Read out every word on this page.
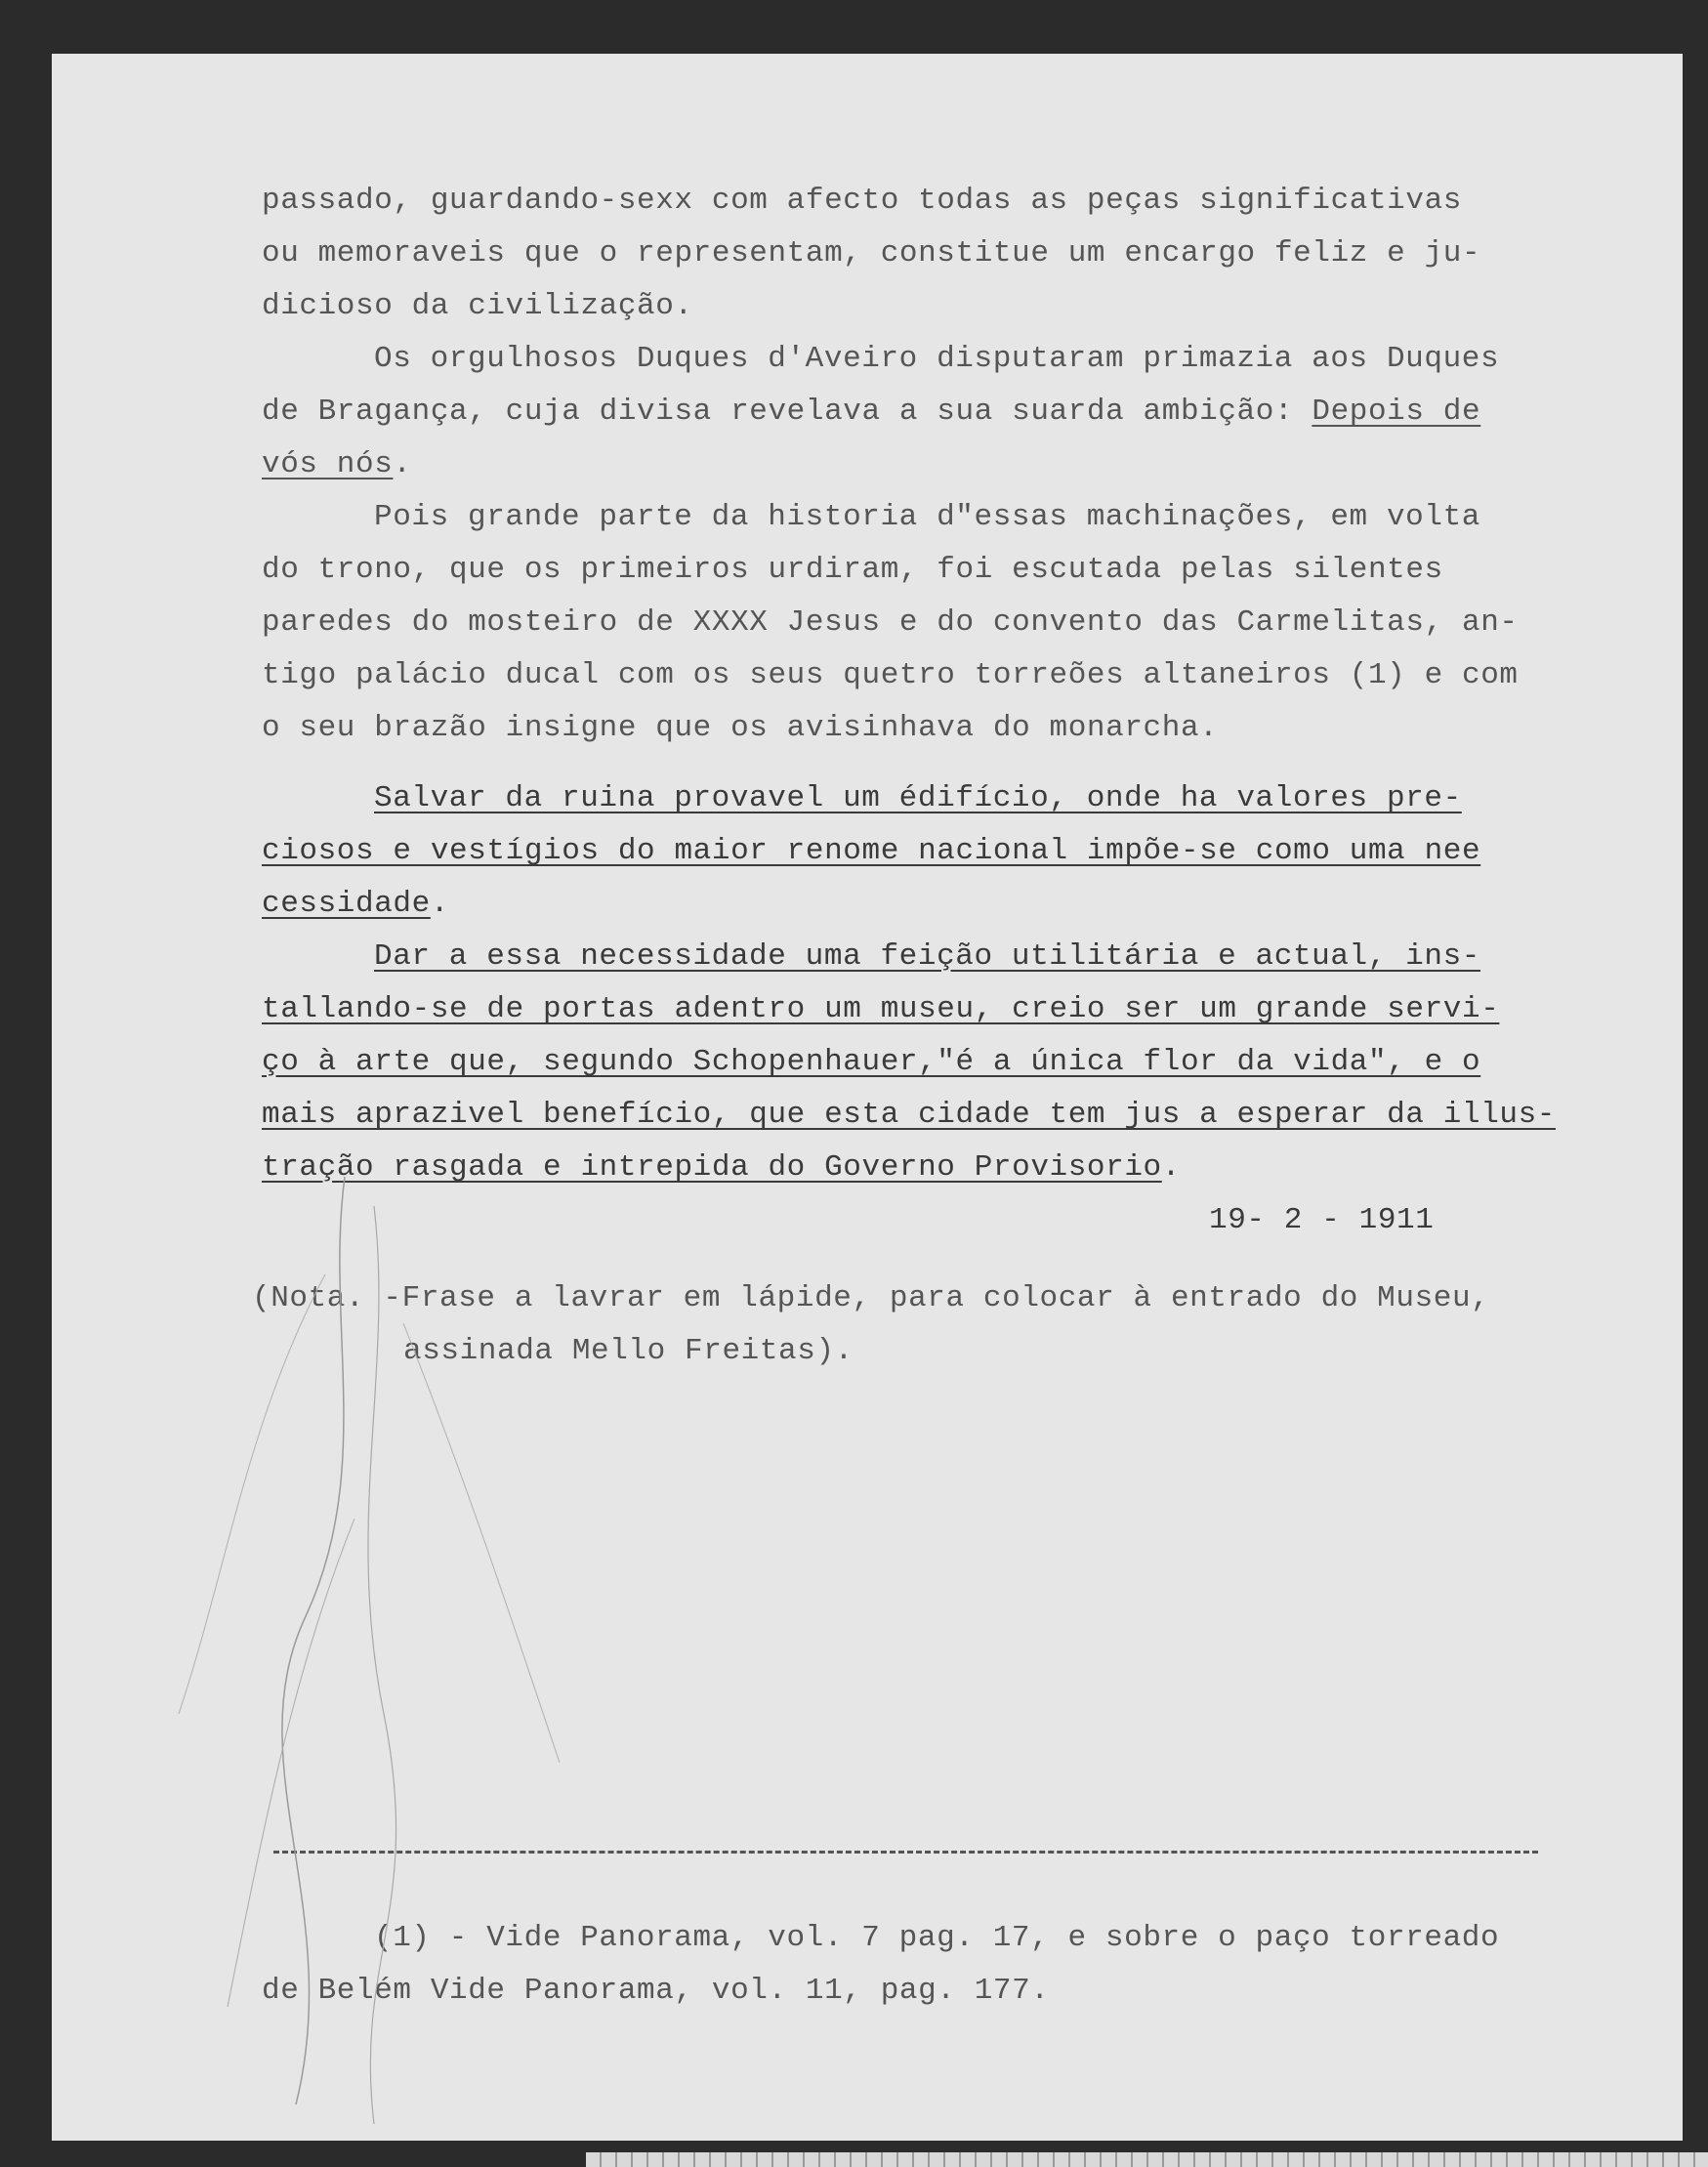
passado, guardando-sexx com afecto todas as peças significativas
ou memoraveis que o representam, constitue um encargo feliz e ju-
dicioso da civilização.
Os orgulhosos Duques d'Aveiro disputaram primazia aos Duques
de Bragança, cuja divisa revelava a sua suarda ambição: Depois de
vós nós.
Pois grande parte da historia d"essas machinações, em volta
do trono, que os primeiros urdiram, foi escutada pelas silentes
paredes do mosteiro de XXXX Jesus e do convento das Carmelitas, an-
tigo palácio ducal com os seus quetro torreões altaneiros (1) e com
o seu brazão insigne que os avisinhava do monarcha.
Salvar da ruina provavel um édifício, onde ha valores pre-
ciosos e vestígios do maior renome nacional impõe-se como uma nee
cessidade.
Dar a essa necessidade uma feição utilitária e actual, ins-
tallando-se de portas adentro um museu, creio ser um grande servi-
ço à arte que, segundo Schopenhauer,"é a única flor da vida", e o
mais aprazivel benefício, que esta cidade tem jus a esperar da illus-
tração rasgada e intrepida do Governo Provisorio.
19- 2 - 1911
(Nota. -Frase a lavrar em lápide, para colocar à entrado do Museu,
assinada Mello Freitas).
(1) - Vide Panorama, vol. 7 pag. 17, e sobre o paço torreado
de Belém Vide Panorama, vol. 11, pag. 177.
